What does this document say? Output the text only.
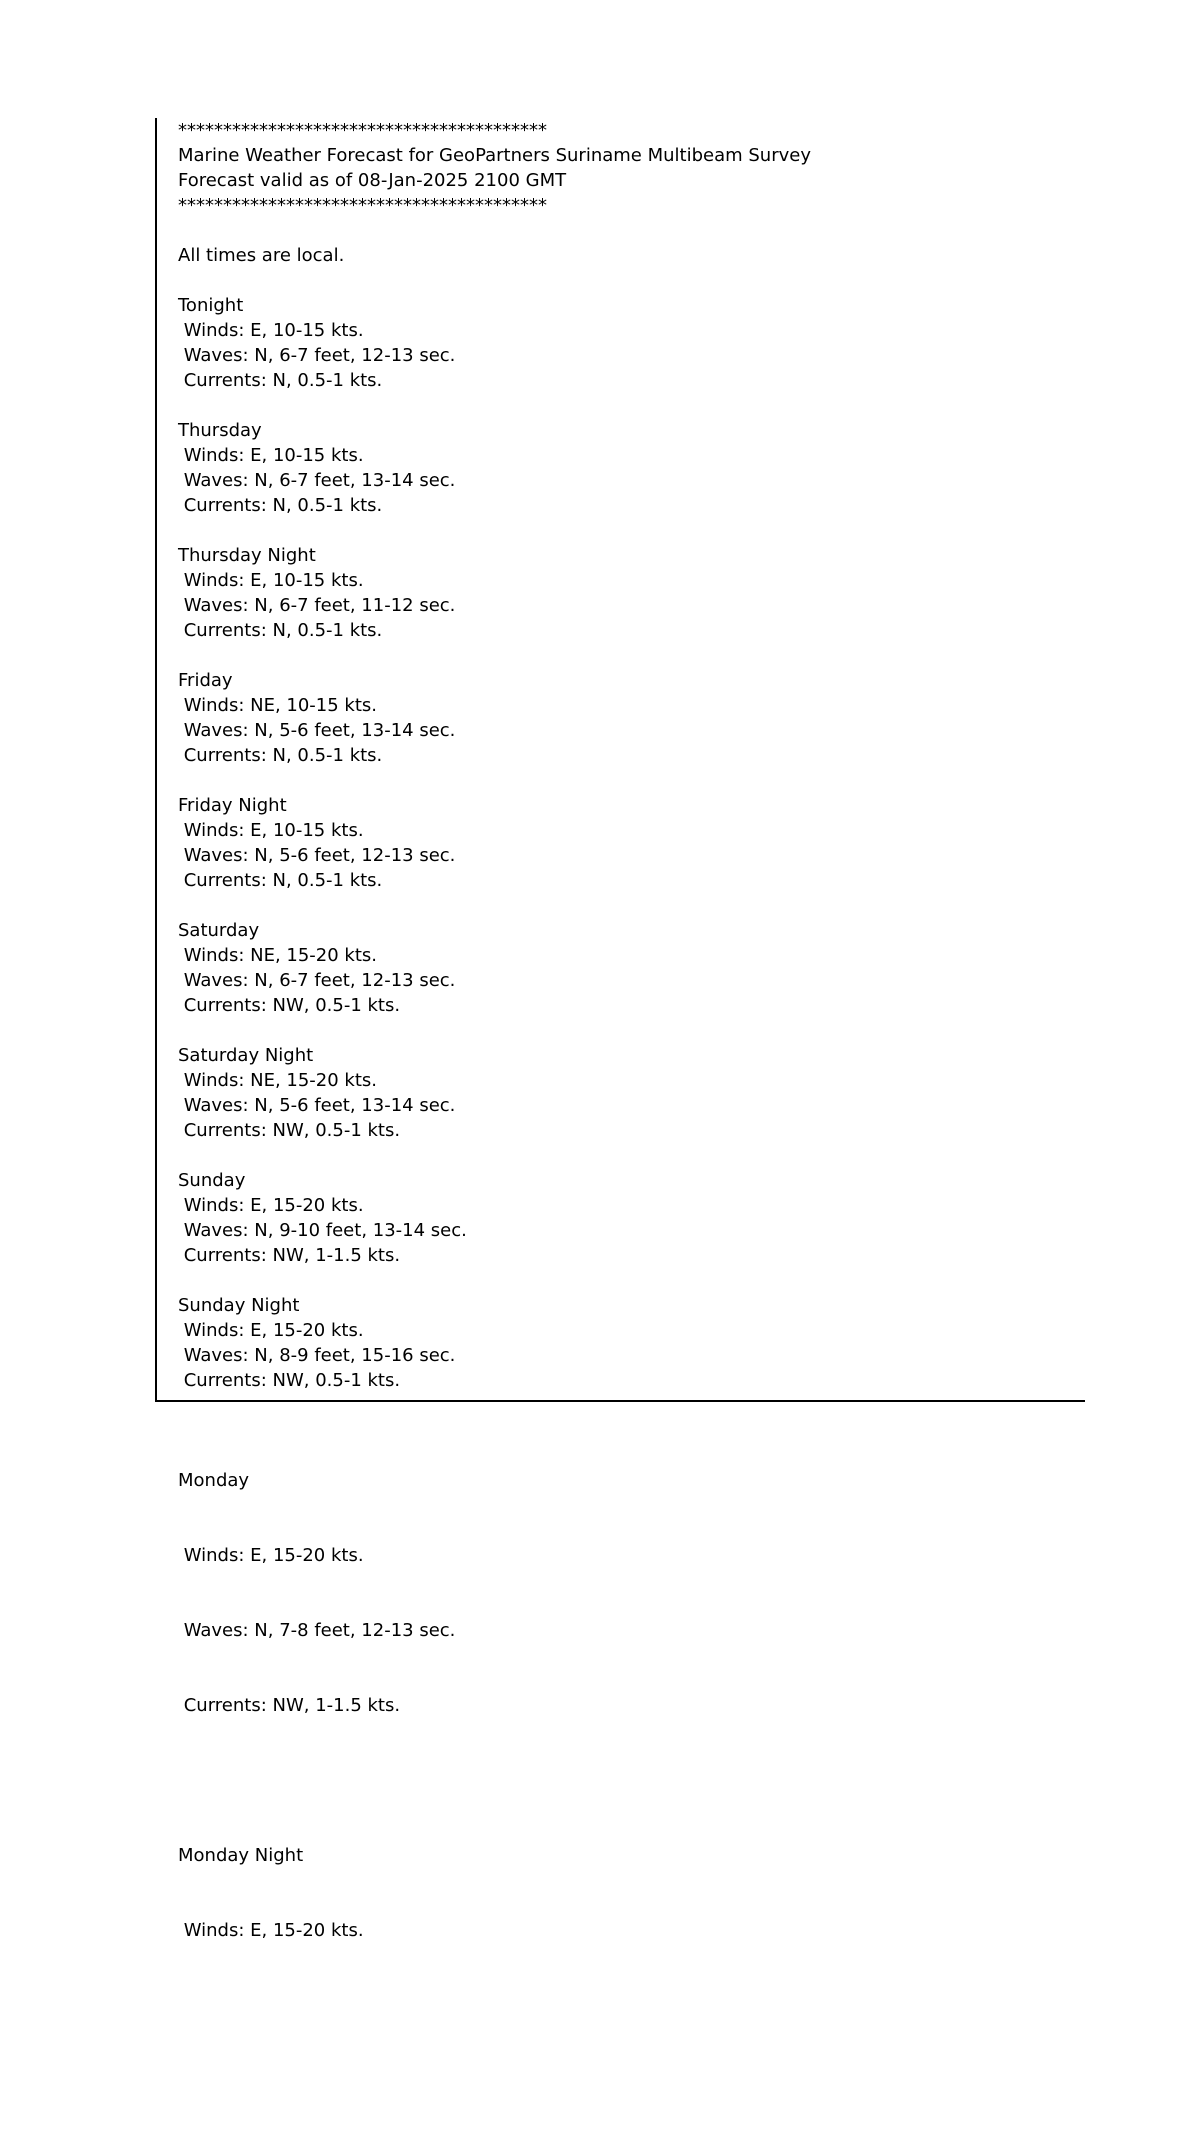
*****************************************
Marine Weather Forecast for GeoPartners Suriname Multibeam Survey
Forecast valid as of 08-Jan-2025 2100 GMT
*****************************************
All times are local.
Tonight
Winds: E, 10-15 kts.
Waves: N, 6-7 feet, 12-13 sec.
Currents: N, 0.5-1 kts.
Thursday
Winds: E, 10-15 kts.
Waves: N, 6-7 feet, 13-14 sec.
Currents: N, 0.5-1 kts.
Thursday Night
Winds: E, 10-15 kts.
Waves: N, 6-7 feet, 11-12 sec.
Currents: N, 0.5-1 kts.
Friday
Winds: NE, 10-15 kts.
Waves: N, 5-6 feet, 13-14 sec.
Currents: N, 0.5-1 kts.
Friday Night
Winds: E, 10-15 kts.
Waves: N, 5-6 feet, 12-13 sec.
Currents: N, 0.5-1 kts.
Saturday
Winds: NE, 15-20 kts.
Waves: N, 6-7 feet, 12-13 sec.
Currents: NW, 0.5-1 kts.
Saturday Night
Winds: NE, 15-20 kts.
Waves: N, 5-6 feet, 13-14 sec.
Currents: NW, 0.5-1 kts.
Sunday
Winds: E, 15-20 kts.
Waves: N, 9-10 feet, 13-14 sec.
Currents: NW, 1-1.5 kts.
Sunday Night
Winds: E, 15-20 kts.
Waves: N, 8-9 feet, 15-16 sec.
Currents: NW, 0.5-1 kts.

Monday

Winds: E, 15-20 kts.

Waves: N, 7-8 feet, 12-13 sec.

Currents: NW, 1-1.5 kts.

Monday Night

Winds: E, 15-20 kts.
